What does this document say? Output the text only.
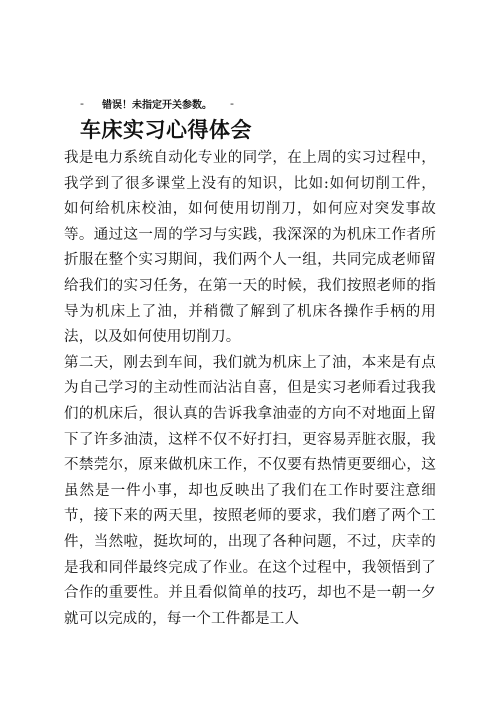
- 错误！未指定开关参数。 -
车床实习心得体会

我是电力系统自动化专业的同学，在上周的实习过程中，我学到了很多课堂上没有的知识，比如:如何切削工件，如何给机床校油，如何使用切削刀，如何应对突发事故等。通过这一周的学习与实践，我深深的为机床工作者所折服在整个实习期间，我们两个人一组，共同完成老师留给我们的实习任务，在第一天的时候，我们按照老师的指导为机床上了油，并稍微了解到了机床各操作手柄的用法，以及如何使用切削刀。

第二天，刚去到车间，我们就为机床上了油，本来是有点为自己学习的主动性而沾沾自喜，但是实习老师看过我我们的机床后，很认真的告诉我拿油壶的方向不对地面上留下了许多油渍，这样不仅不好打扫，更容易弄脏衣服，我不禁莞尔，原来做机床工作，不仅要有热情更要细心，这虽然是一件小事，却也反映出了我们在工作时要注意细节，接下来的两天里，按照老师的要求，我们磨了两个工件，当然啦，挺坎坷的，出现了各种问题，不过，庆幸的是我和同伴最终完成了作业。在这个过程中，我领悟到了合作的重要性。并且看似简单的技巧，却也不是一朝一夕就可以完成的，每一个工件都是工人
